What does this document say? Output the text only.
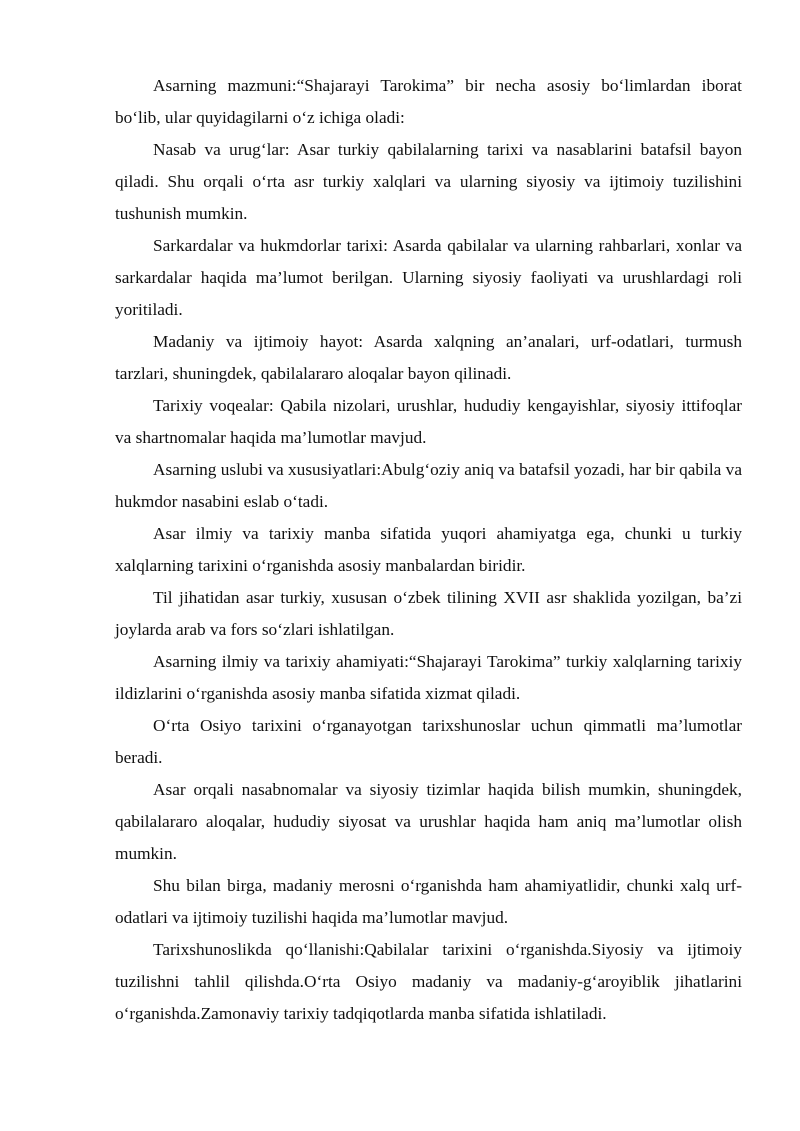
Asarning mazmuni:“Shajarayi Tarokima” bir necha asosiy bo‘limlardan iborat bo‘lib, ular quyidagilarni o‘z ichiga oladi:

Nasab va urug‘lar: Asar turkiy qabilalarning tarixi va nasablarini batafsil bayon qiladi. Shu orqali o‘rta asr turkiy xalqlari va ularning siyosiy va ijtimoiy tuzilishini tushunish mumkin.

Sarkardalar va hukmdorlar tarixi: Asarda qabilalar va ularning rahbarlari, xonlar va sarkardalar haqida ma’lumot berilgan. Ularning siyosiy faoliyati va urushlardagi roli yoritiladi.

Madaniy va ijtimoiy hayot: Asarda xalqning an’analari, urf-odatlari, turmush tarzlari, shuningdek, qabilalararo aloqalar bayon qilinadi.

Tarixiy voqealar: Qabila nizolari, urushlar, hududiy kengayishlar, siyosiy ittifoqlar va shartnomalar haqida ma’lumotlar mavjud.

Asarning uslubi va xususiyatlari:Abulg‘oziy aniq va batafsil yozadi, har bir qabila va hukmdor nasabini eslab o‘tadi.

Asar ilmiy va tarixiy manba sifatida yuqori ahamiyatga ega, chunki u turkiy xalqlarning tarixini o‘rganishda asosiy manbalardan biridir.

Til jihatidan asar turkiy, xususan o‘zbek tilining XVII asr shaklida yozilgan, ba’zi joylarda arab va fors so‘zlari ishlatilgan.

Asarning ilmiy va tarixiy ahamiyati:“Shajarayi Tarokima” turkiy xalqlarning tarixiy ildizlarini o‘rganishda asosiy manba sifatida xizmat qiladi.

O‘rta Osiyo tarixini o‘rganayotgan tarixshunoslar uchun qimmatli ma’lumotlar beradi.

Asar orqali nasabnomalar va siyosiy tizimlar haqida bilish mumkin, shuningdek, qabilalararo aloqalar, hududiy siyosat va urushlar haqida ham aniq ma’lumotlar olish mumkin.

Shu bilan birga, madaniy merosni o‘rganishda ham ahamiyatlidir, chunki xalq urf-odatlari va ijtimoiy tuzilishi haqida ma’lumotlar mavjud.

Tarixshunoslikda qo‘llanishi:Qabilalar tarixini o‘rganishda.Siyosiy va ijtimoiy tuzilishni tahlil qilishda.O‘rta Osiyo madaniy va madaniy-g‘aroyiblik jihatlarini o‘rganishda.Zamonaviy tarixiy tadqiqotlarda manba sifatida ishlatiladi.
